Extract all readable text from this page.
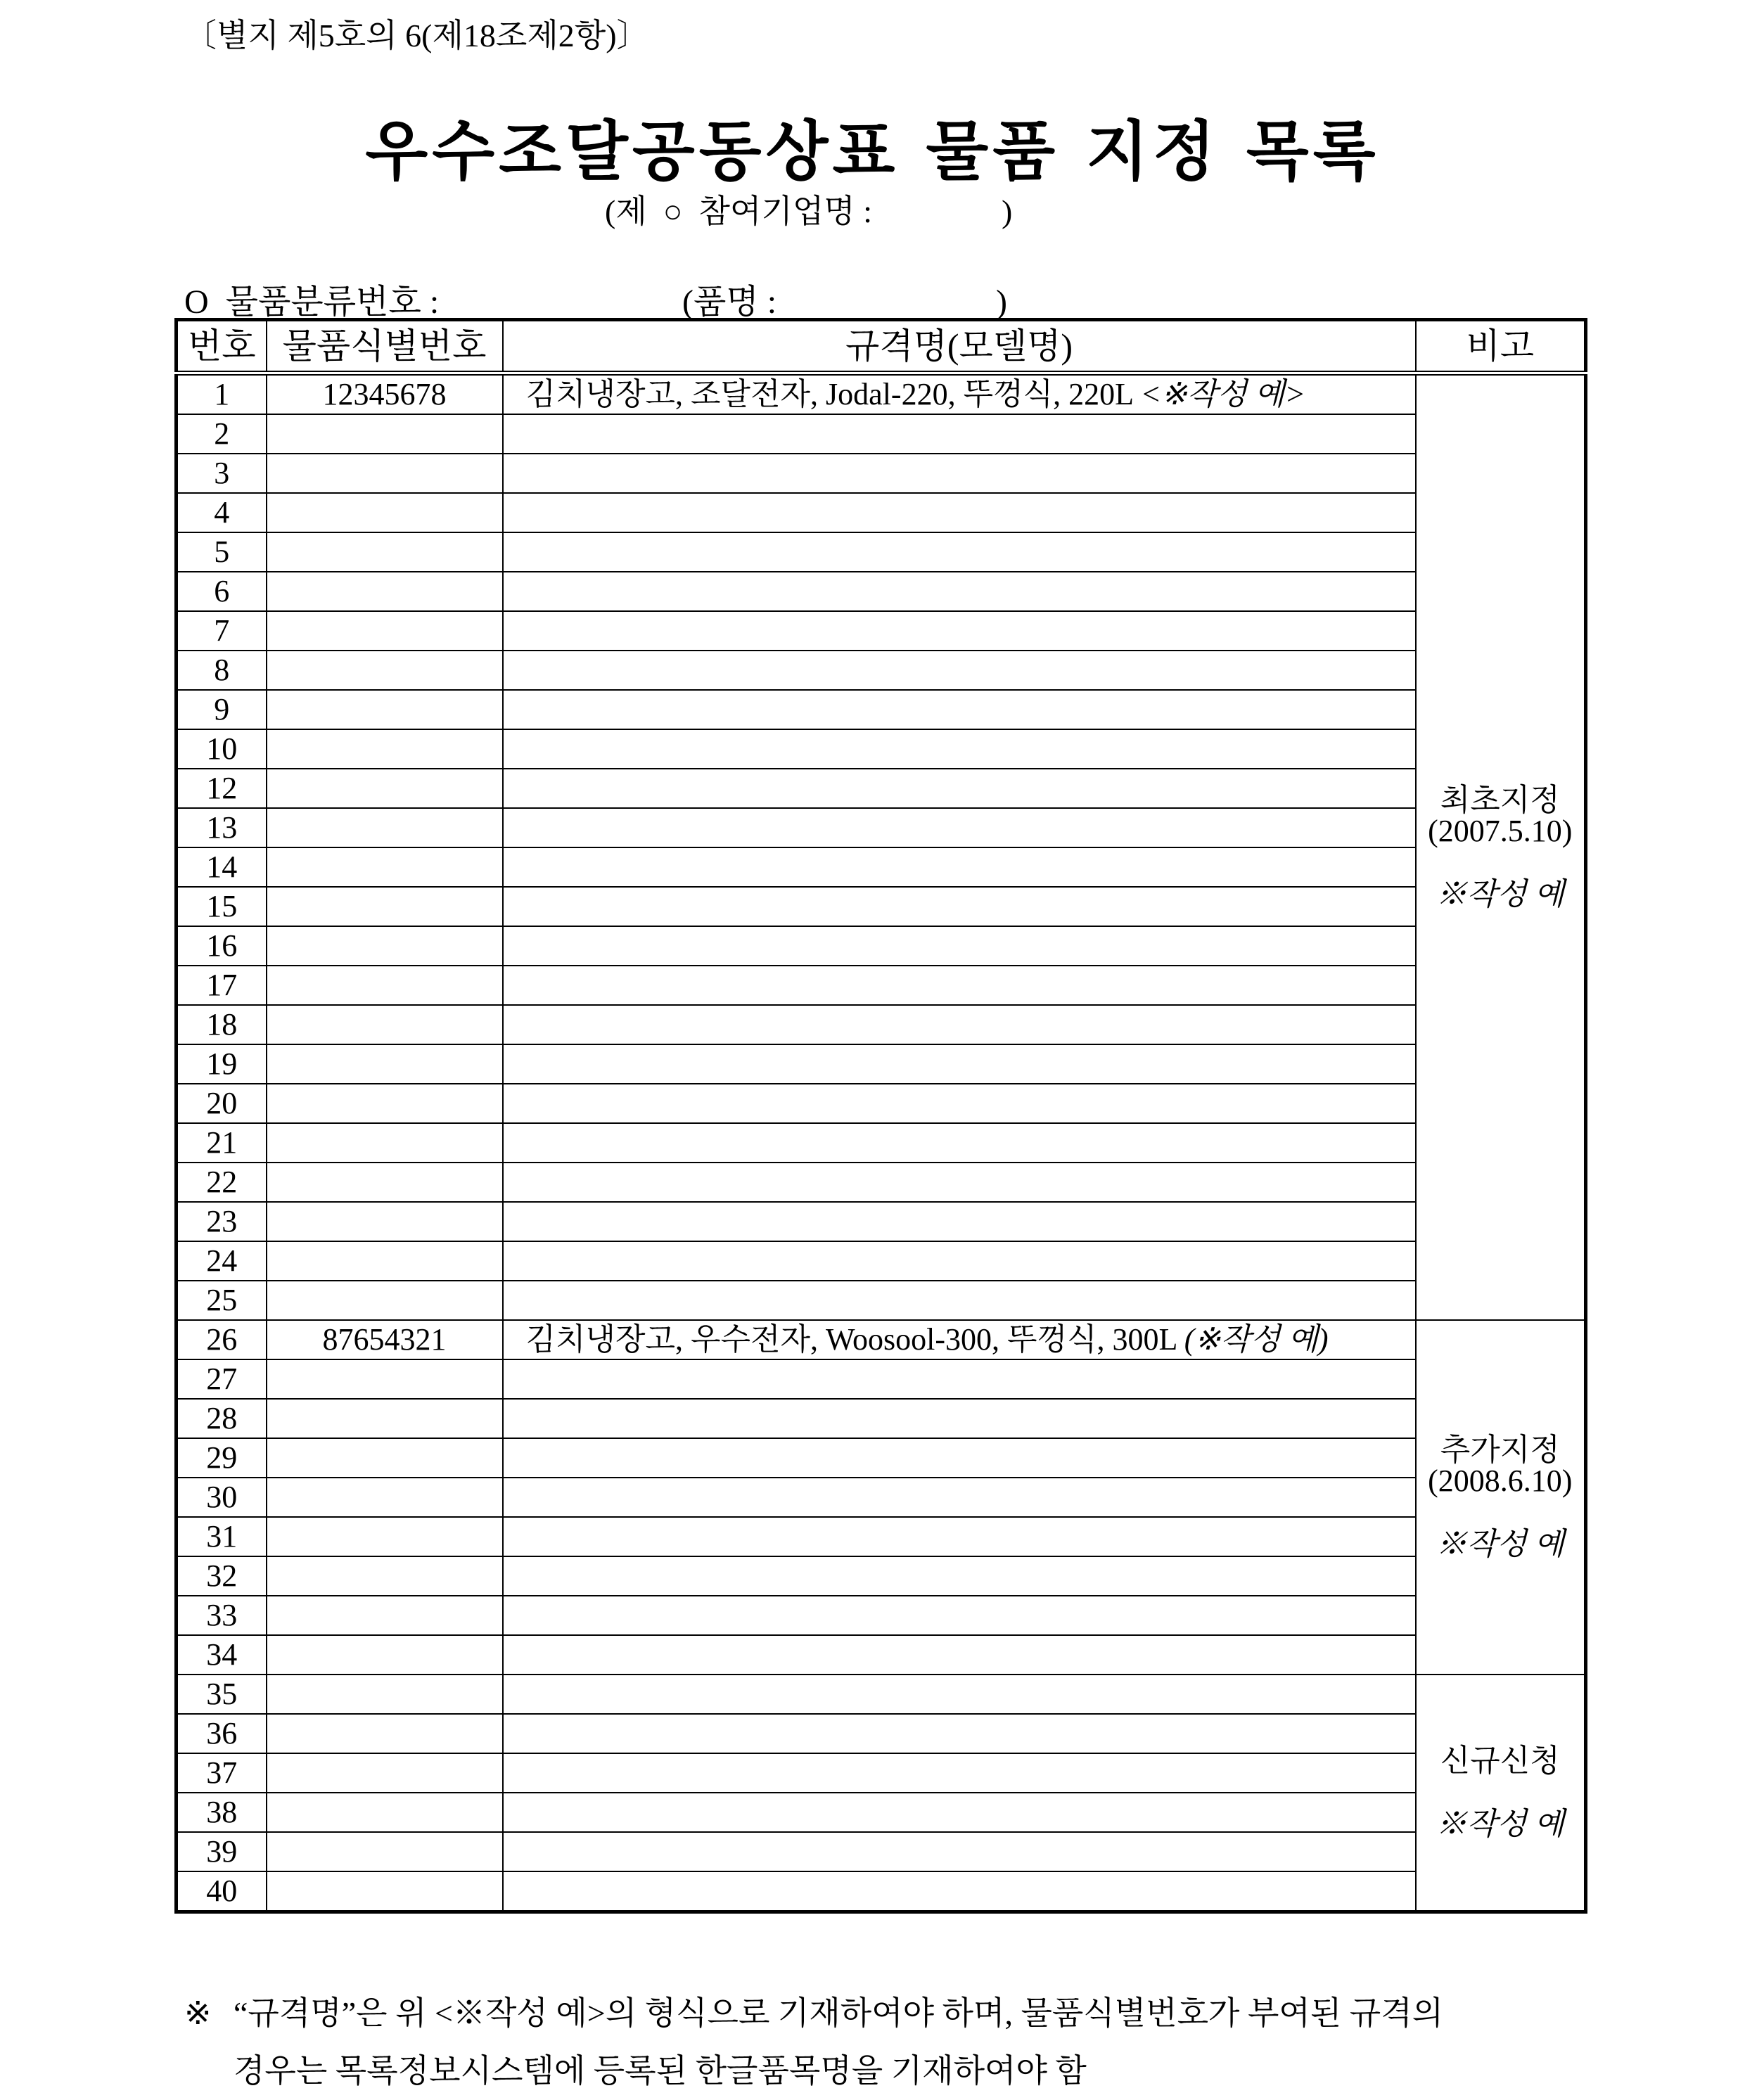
〔별지 제5호의 6(제18조제2항)〕
우수조달공동상표 물품 지정 목록
(제  ○  참여기업명 :                )
O  물품분류번호 :	(품명 :                          )
번호	물품식별번호	규격명(모델명)	비고
1	12345678	김치냉장고, 조달전자, Jodal-220, 뚜껑식, 220L <※작성 예>	최초지정
(2007.5.10)
※작성 예

2			
3			
4			
5			
6			
7			
8			
9			
10			
12			
13			
14			
15			
16			
17			
18			
19			
20			
21			
22			
23			
24			
25			
26	87654321	김치냉장고, 우수전자, Woosool-300, 뚜껑식, 300L (※작성 예)	추가지정
(2008.6.10)
※작성 예

27			
28			
29			
30			
31			
32			
33			
34			
35			신규신청
※작성 예

36			
37			
38			
39			
40			
※ “규격명”은 위 <※작성 예>의 형식으로 기재하여야 하며, 물품식별번호가 부여된 규격의
경우는 목록정보시스템에 등록된 한글품목명을 기재하여야 함
